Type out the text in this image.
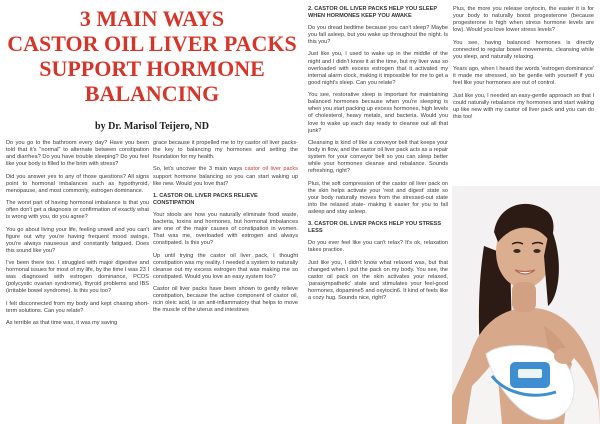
3 MAIN WAYS
CASTOR OIL LIVER PACKS
SUPPORT HORMONE
BALANCING

by Dr. Marisol Teijero, ND

Do you go to the bathroom every day? Have you been told that it's "normal" to alternate between constipation and diarrhea? Do you have trouble sleeping? Do you feel like your body is filled to the brim with stress?

Did you answer yes to any of those questions? All signs point to hormonal imbalances such as hypothyroid, menopause, and most commonly, estrogen dominance.

The worst part of having hormonal imbalance is that you often don't get a diagnosis or confirmation of exactly what is wrong with you, do you agree?

You go about living your life, feeling unwell and you can't figure out why you're having frequent mood swings, you're always nauseous and constantly fatigued. Does this sound like you?

I've been there too. I struggled with major digestive and hormonal issues for most of my life, by the time I was 23 I was diagnosed with estrogen dominance, PCOS (polycystic ovarian syndrome), thyroid problems and IBS (irritable bowel syndrome). Is this you too?

I felt disconnected from my body and kept chasing short-term solutions. Can you relate?

As terrible as that time was, it was my saving

grace because it propelled me to try castor oil liver packs- the key to balancing my hormones and setting the foundation for my health.

So, let's uncover the 3 main ways castor oil liver packs support hormone balancing so you can start waking up like new. Would you love that?

1. CASTOR OIL LIVER PACKS RELIEVE CONSTIPATION

Your stools are how you naturally eliminate food waste, bacteria, toxins and hormones, but hormonal imbalances are one of the major causes of constipation in women. That was me, overloaded with estrogen and always constipated. Is this you?

Up until trying the castor oil liver pack, I thought constipation was my reality. I needed a system to naturally cleanse out my excess estrogen that was making me so constipated. Would you love an easy system too?

Castor oil liver packs have been shown to gently relieve constipation, because the active component of castor oil, ricin oleic acid, is an anti-inflammatory that helps to move the muscle of the uterus and intestines

2. CASTOR OIL LIVER PACKS HELP YOU SLEEP WHEN HORMONES KEEP YOU AWAKE

Do you dread bedtime because you can't sleep? Maybe you fall asleep, but you wake up throughout the night. Is this you?

Just like you, I used to wake up in the middle of the night and I didn't know it at the time, but my liver was so overloaded with excess estrogen that it activated my internal alarm clock, making it impossible for me to get a good night's sleep. Can you relate?

You see, restorative sleep is important for maintaining balanced hormones because when you're sleeping is when you start packing up excess hormones, high levels of cholesterol, heavy metals, and bacteria. Would you love to wake up each day ready to cleanse out all that junk?

Cleansing is kind of like a conveyor belt that keeps your body in flow, and the castor oil liver pack acts as a repair system for your conveyor belt so you can sleep better while your hormones cleanse and rebalance. Sounds refreshing, right?

Plus, the soft compression of the castor oil liver pack on the skin helps activate your 'rest and digest' state so your body naturally moves from the stressed-out state into the relaxed state- making it easier for you to fall asleep and stay asleep.

3. CASTOR OIL LIVER PACKS HELP YOU STRESS LESS

Do you ever feel like you can't relax? It's ok, relaxation takes practice.

Just like you, I didn't know what relaxed was, but that changed when I put the pack on my body. You see, the castor oil pack on the skin activates your relaxed, 'parasympathetic' state and stimulates your feel-good hormones, dopamine5 and oxytocin6. It kind of feels like a cozy hug. Sounds nice, right?

Plus, the more you release oxytocin, the easier it is for your body to naturally boost progesterone (because progesterone is high when stress hormone levels are low). Would you love lower stress levels?

You see, having balanced hormones is directly connected to regular bowel movements, cleansing while you sleep, and naturally relaxing.

Years ago, when I heard the words 'estrogen dominance' it made me stressed, so be gentle with yourself if you feel like your hormones are out of control.

Just like you, I needed an easy-gentle approach so that I could naturally rebalance my hormones and start waking up like new with my castor oil liver pack and you can do this too!
